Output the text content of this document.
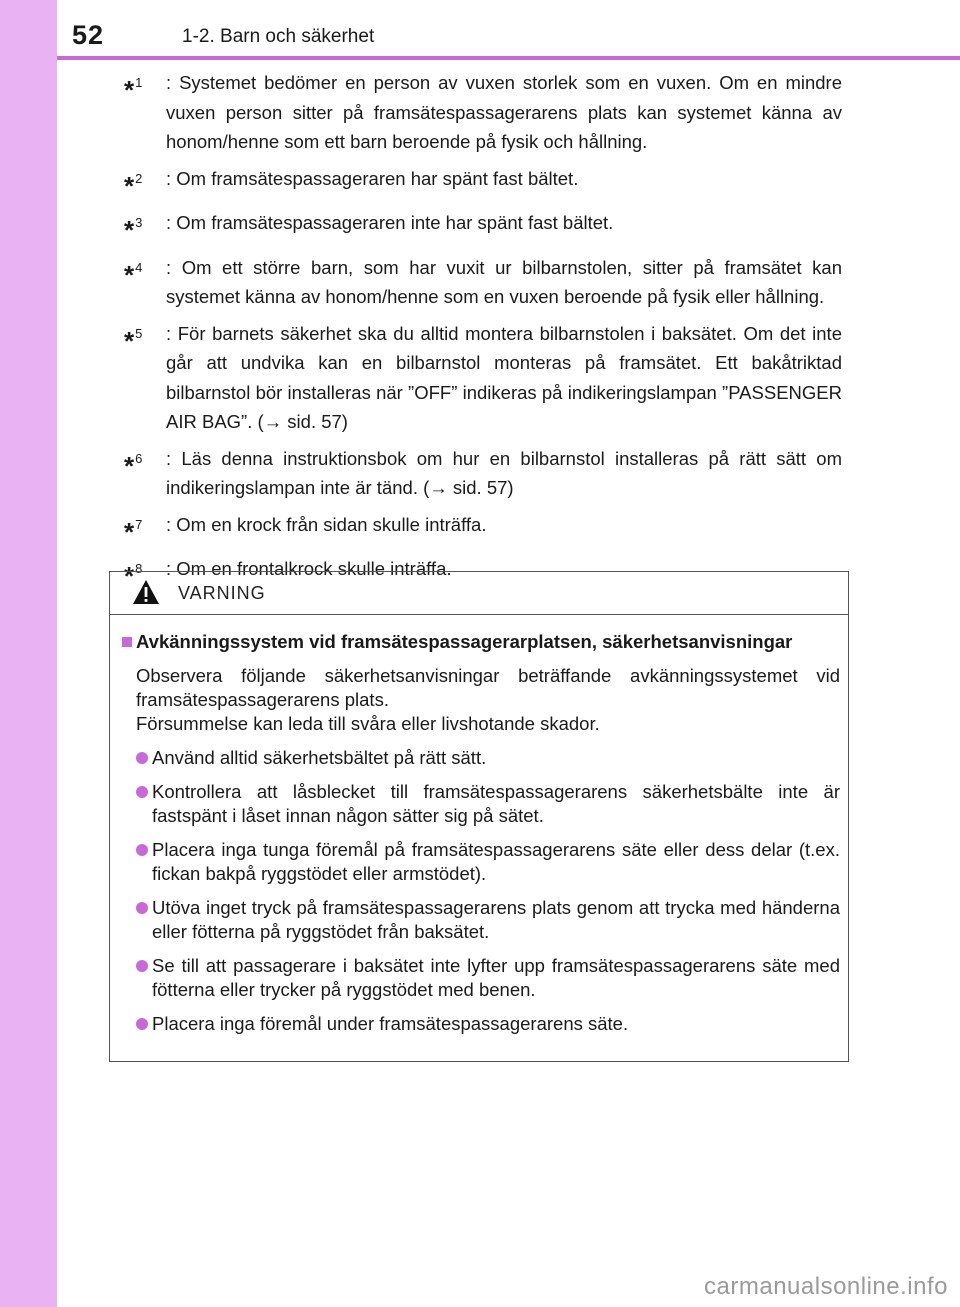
52	1-2. Barn och säkerhet
*$^1$	: Systemet bedömer en person av vuxen storlek som en vuxen. Om en mindre vuxen person sitter på framsätespassagerarens plats kan systemet känna av honom/henne som ett barn beroende på fysik och hållning.
*$^2$	: Om framsätespassageraren har spänt fast bältet.
*$^3$	: Om framsätespassageraren inte har spänt fast bältet.
*$^4$	: Om ett större barn, som har vuxit ur bilbarnstolen, sitter på framsätet kan systemet känna av honom/henne som en vuxen beroende på fysik eller hållning.
*$^5$	: För barnets säkerhet ska du alltid montera bilbarnstolen i baksätet. Om det inte går att undvika kan en bilbarnstol monteras på framsätet. Ett bakåtriktad bilbarnstol bör installeras när ”OFF” indikeras på indikeringslampan ”PASSENGER AIR BAG”. (→ sid. 57)
*$^6$	: Läs denna instruktionsbok om hur en bilbarnstol installeras på rätt sätt om indikeringslampan inte är tänd. (→ sid. 57)
*$^7$	: Om en krock från sidan skulle inträffa.
*$^8$	: Om en frontalkrock skulle inträffa.
VARNING
Avkänningssystem vid framsätespassagerarplatsen, säkerhetsanvisningar
Observera följande säkerhetsanvisningar beträffande avkänningssystemet vid framsätespassagerarens plats.
Försummelse kan leda till svåra eller livshotande skador.
Använd alltid säkerhetsbältet på rätt sätt.
Kontrollera att låsblecket till framsätespassagerarens säkerhetsbälte inte är fastspänt i låset innan någon sätter sig på sätet.
Placera inga tunga föremål på framsätespassagerarens säte eller dess delar (t.ex. fickan bakpå ryggstödet eller armstödet).
Utöva inget tryck på framsätespassagerarens plats genom att trycka med händerna eller fötterna på ryggstödet från baksätet.
Se till att passagerare i baksätet inte lyfter upp framsätespassagerarens säte med fötterna eller trycker på ryggstödet med benen.
Placera inga föremål under framsätespassagerarens säte.
carmanualsonline.info
